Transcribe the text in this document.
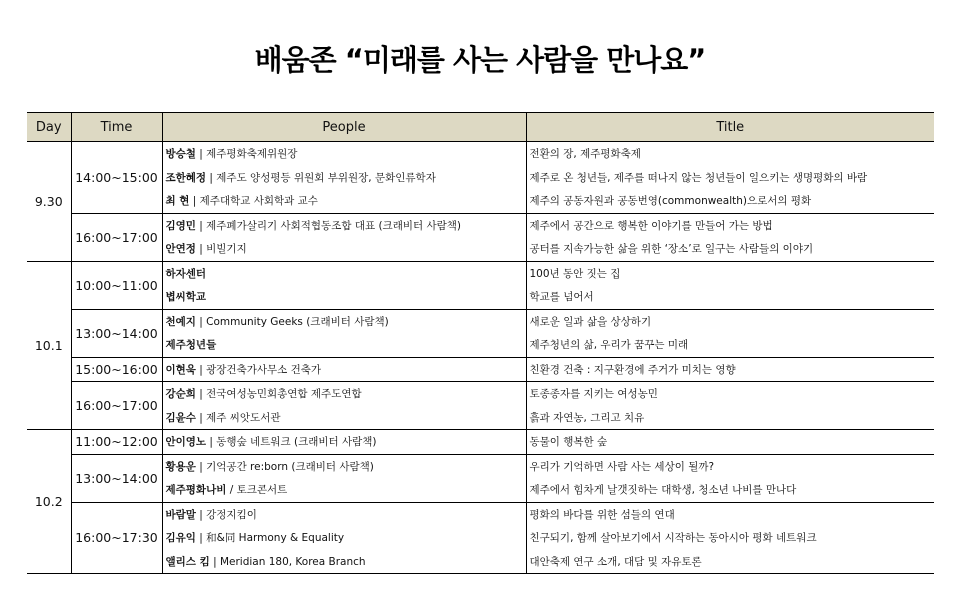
배움존 “미래를 사는 사람을 만나요”
Day	Time	People	Title
9.30	14:00~15:00	방승철 | 제주평화축제위원장	전환의 장, 제주평화축제
		조한혜정 | 제주도 양성평등 위원회 부위원장, 문화인류학자	제주로 온 청년들, 제주를 떠나지 않는 청년들이 일으키는 생명평화의 바람
		최 현 | 제주대학교 사회학과 교수	제주의 공동자원과 공동번영(commonwealth)으로서의 평화
	16:00~17:00	김영민 | 제주폐가살리기 사회적협동조합 대표 (크래비터 사람책)	제주에서 공간으로 행복한 이야기를 만들어 가는 방법
		안연정 | 비빌기지	공터를 지속가능한 삶을 위한 ‘장소’로 일구는 사람들의 이야기
10.1	10:00~11:00	하자센터	100년 동안 짓는 집
		볍씨학교	학교를 넘어서
	13:00~14:00	천예지 | Community Geeks (크래비터 사람책)	새로운 일과 삶을 상상하기
		제주청년들	제주청년의 삶, 우리가 꿈꾸는 미래
	15:00~16:00	이현욱 | 광장건축가사무소 건축가	친환경 건축 : 지구환경에 주거가 미치는 영향
	16:00~17:00	강순희 | 전국여성농민회총연합 제주도연합	토종종자를 지키는 여성농민
		김윤수 | 제주 씨앗도서관	흙과 자연농, 그리고 치유
10.2	11:00~12:00	안이영노 | 동행숲 네트워크 (크래비터 사람책)	동물이 행복한 숲
	13:00~14:00	황용운 | 기억공간 re:born (크래비터 사람책)	우리가 기억하면 사람 사는 세상이 될까?
		제주평화나비 / 토크콘서트	제주에서 힘차게 날갯짓하는 대학생, 청소년 나비를 만나다
	16:00~17:30	바람말 | 강정지킴이	평화의 바다를 위한 섬들의 연대
		김유익 | 和&同 Harmony & Equality	친구되기, 함께 살아보기에서 시작하는 동아시아 평화 네트워크
		앨리스 킴 | Meridian 180, Korea Branch	대안축제 연구 소개, 대담 및 자유토론
